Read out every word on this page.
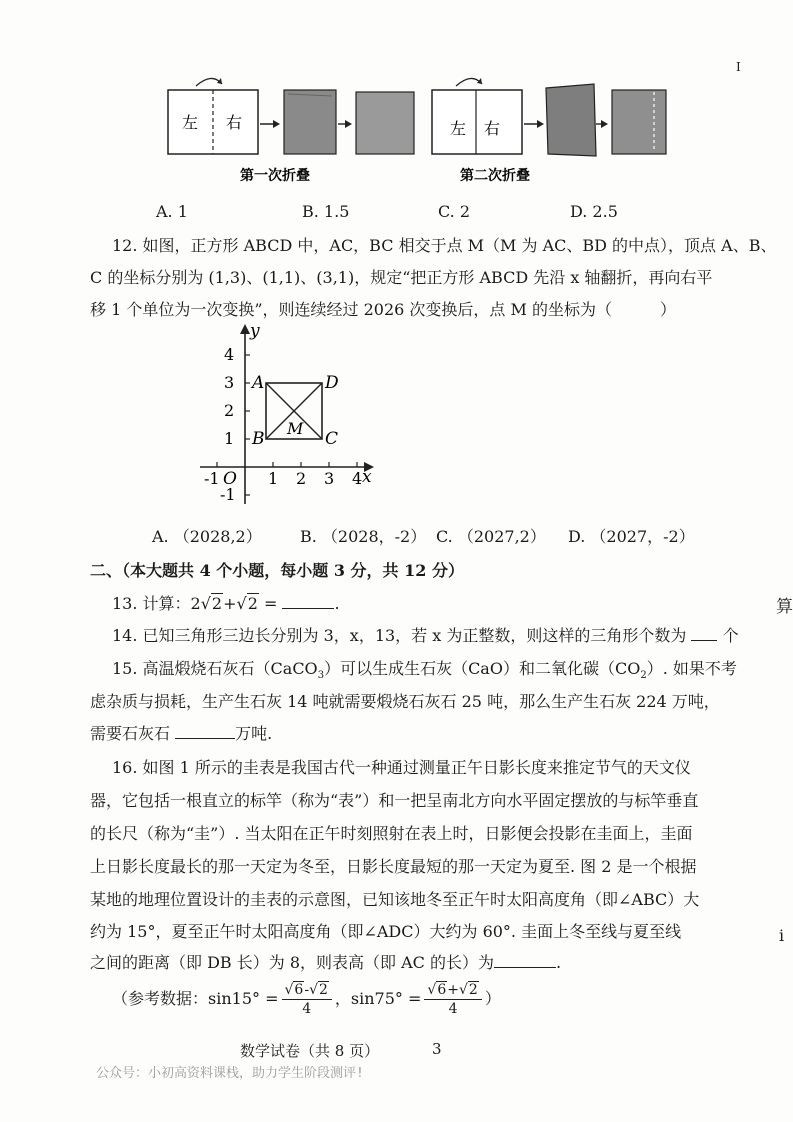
左 右
第一次折叠
左 右
第二次折叠
A. 1	B. 1.5	C. 2	D. 2.5
12. 如图，正方形 ABCD 中，AC，BC 相交于点 M（M 为 AC、BD 的中点），顶点 A、B、
C 的坐标分别为 (1,3)、(1,1)、(3,1)，规定“把正方形 ABCD 先沿 x 轴翻折，再向右平
移 1 个单位为一次变换”，则连续经过 2026 次变换后，点 M 的坐标为（　　　）
y
x
O
-1	1 2 3 4
4
3
2
1
-1
A
B	C
D
M
A. （2028,2） B. （2028，-2） C. （2027,2） D. （2027，-2）
二、（本大题共 4 个小题，每小题 3 分，共 12 分）
13. 计算：2√2+√2 =	.
14. 已知三角形三边长分别为 3，x，13，若 x 为正整数，则这样的三角形个数为 个
15. 高温煅烧石灰石（CaCO$_3$）可以生成生石灰（CaO）和二氧化碳$(CO_2)$. 如果不考
虑杂质与损耗，生产生石灰 14 吨就需要煅烧石灰石 25 吨，那么生产生石灰 224 万吨，
需要石灰石	万吨.
16. 如图 1 所示的圭表是我国古代一种通过测量正午日影长度来推定节气的天文仪
器，它包括一根直立的标竿（称为“表”）和一把呈南北方向水平固定摆放的与标竿垂直
的长尺（称为“圭”）. 当太阳在正午时刻照射在表上时，日影便会投影在圭面上，圭面
上日影长度最长的那一天定为冬至，日影长度最短的那一天定为夏至. 图 2 是一个根据
某地的地理位置设计的圭表的示意图，已知该地冬至正午时太阳高度角（即∠ABC）大
约为 15°，夏至正午时太阳高度角（即∠ADC）大约为 60°. 圭面上冬至线与夏至线
之间的距离（即 DB 长）为 8，则表高（即 AC 的长）为	.
（参考数据：$\sin 15^\circ = \frac{√6-√2}{4}$ ，$\sin 75^\circ = \frac{√6+√2}{4}$ ）
数学试卷（共 8 页）	3
公众号：小初高资料课栈，助力学生阶段测评!
I
算
i
